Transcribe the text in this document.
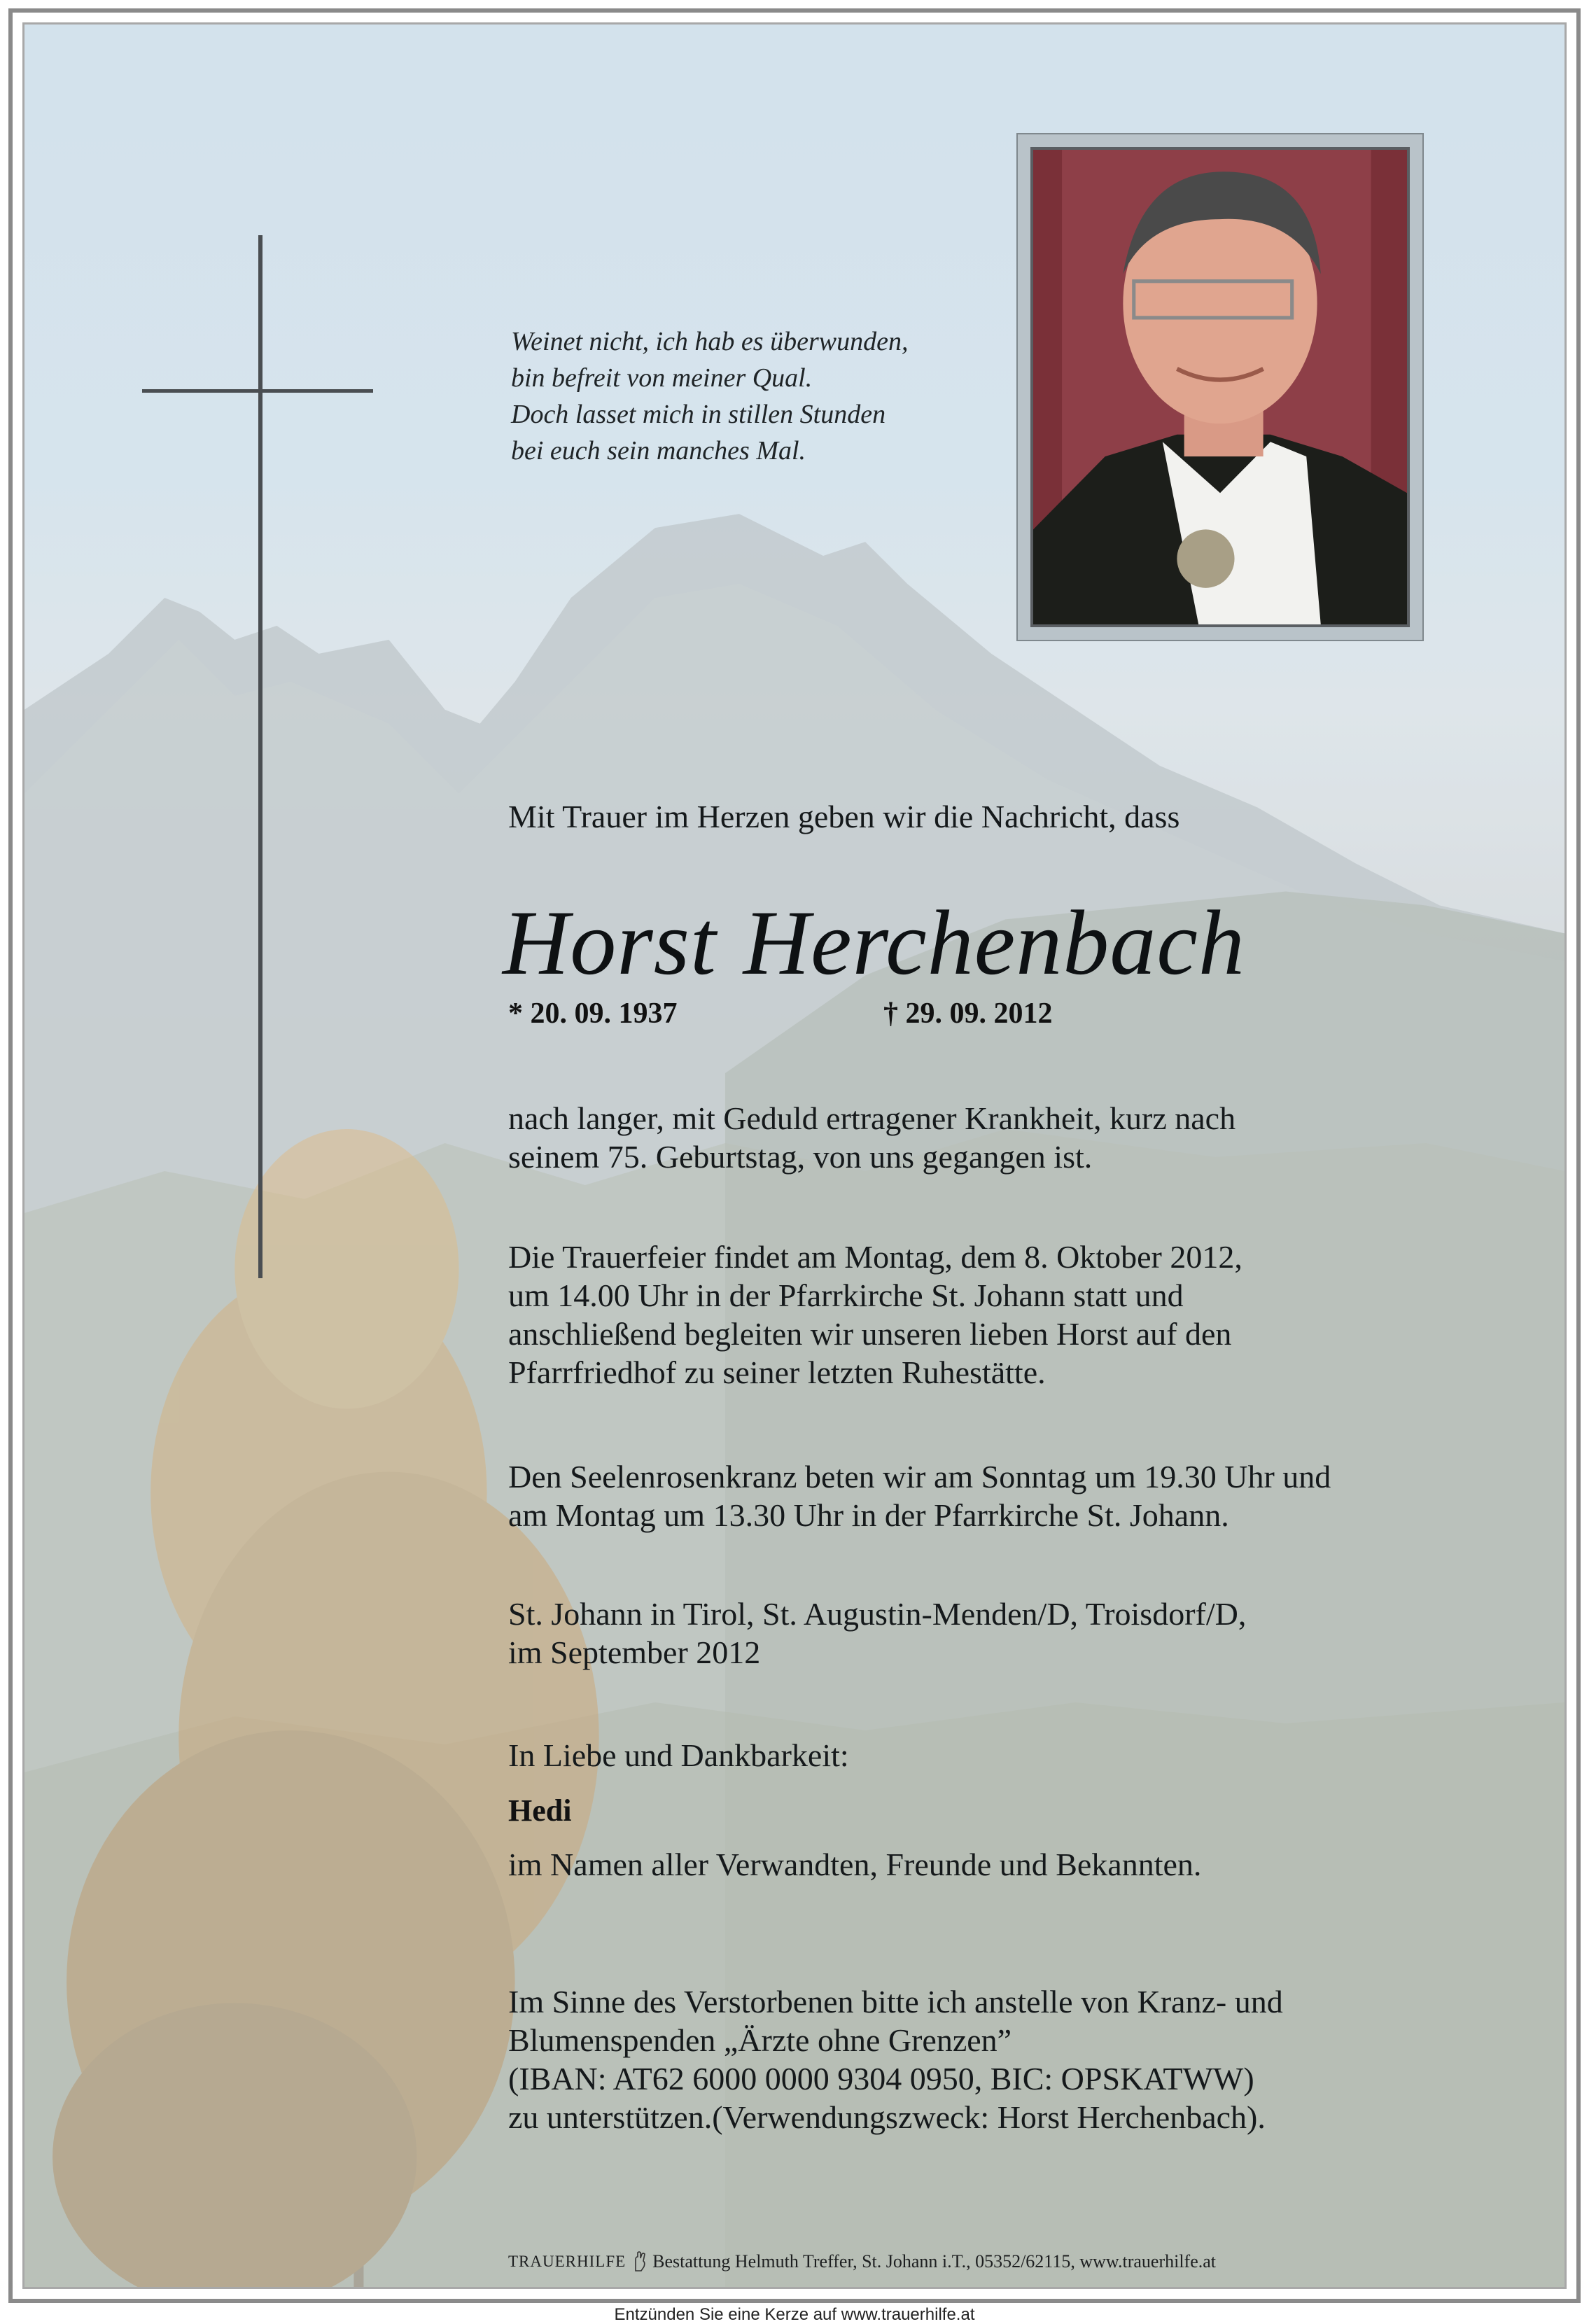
Weinet nicht, ich hab es überwunden,
bin befreit von meiner Qual.
Doch lasset mich in stillen Stunden
bei euch sein manches Mal.
Mit Trauer im Herzen geben wir die Nachricht, dass
Horst Herchenbach
* 20. 09. 1937	† 29. 09. 2012
nach langer, mit Geduld ertragener Krankheit, kurz nach
seinem 75. Geburtstag, von uns gegangen ist.
Die Trauerfeier findet am Montag, dem 8. Oktober 2012,
um 14.00 Uhr in der Pfarrkirche St. Johann statt und
anschließend begleiten wir unseren lieben Horst auf den
Pfarrfriedhof zu seiner letzten Ruhestätte.
Den Seelenrosenkranz beten wir am Sonntag um 19.30 Uhr und
am Montag um 13.30 Uhr in der Pfarrkirche St. Johann.
St. Johann in Tirol, St. Augustin-Menden/D, Troisdorf/D,
im September 2012
In Liebe und Dankbarkeit:
Hedi
im Namen aller Verwandten, Freunde und Bekannten.
Im Sinne des Verstorbenen bitte ich anstelle von Kranz- und
Blumenspenden „Ärzte ohne Grenzen”
(IBAN: AT62 6000 0000 9304 0950, BIC: OPSKATWW)
zu unterstützen.(Verwendungszweck: Horst Herchenbach).
TRAUERHILFE Bestattung Helmuth Treffer, St. Johann i.T., 05352/62115, www.trauerhilfe.at
Entzünden Sie eine Kerze auf www.trauerhilfe.at
